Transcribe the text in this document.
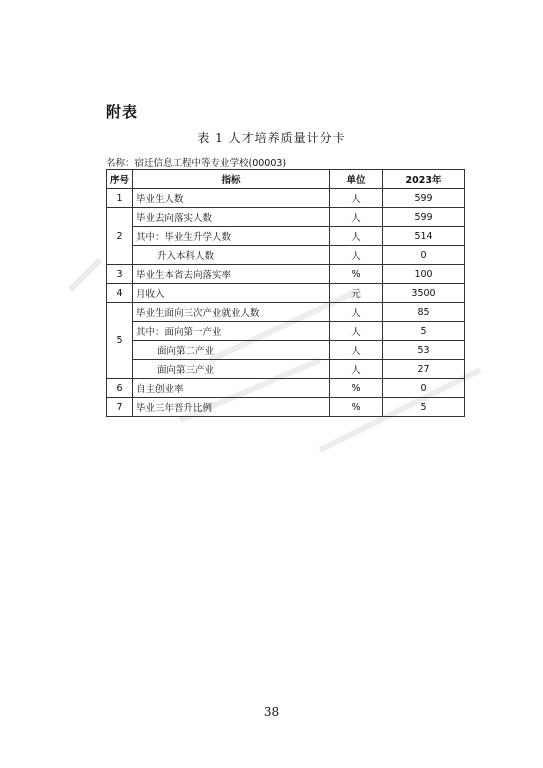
附表
表 1 人才培养质量计分卡
名称：宿迁信息工程中等专业学校(00003)
序号	指标	单位	2023年
1	毕业生人数	人	599
2	毕业去向落实人数	人	599
	其中：毕业生升学人数	人	514
	升入本科人数	人	0
3	毕业生本省去向落实率	%	100
4	月收入	元	3500
5	毕业生面向三次产业就业人数	人	85
	其中：面向第一产业	人	5
	面向第二产业	人	53
	面向第三产业	人	27
6	自主创业率	%	0
7	毕业三年晋升比例	%	5
38
